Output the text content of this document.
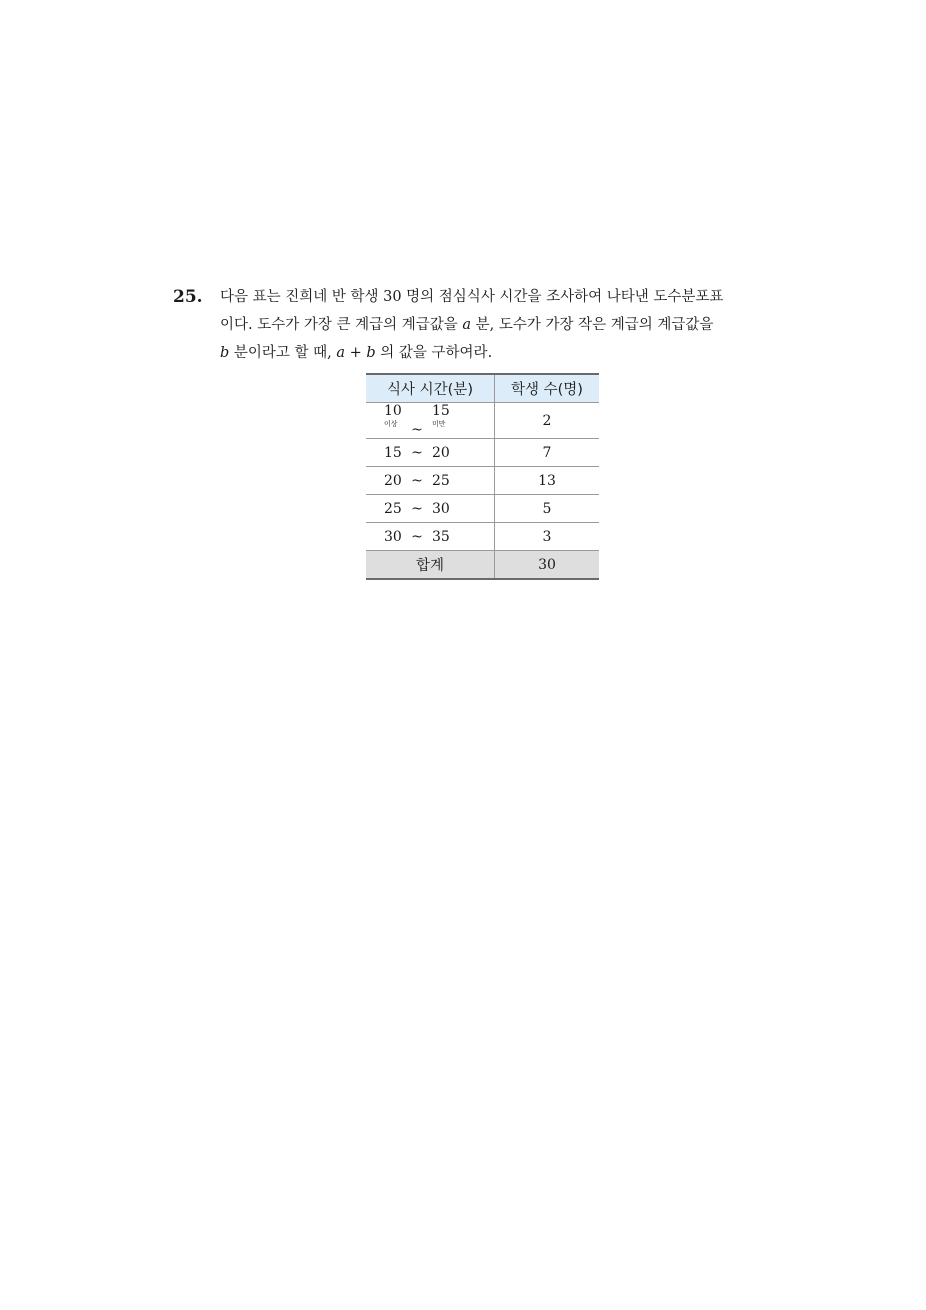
25. 다음 표는 진희네 반 학생 30 명의 점심식사 시간을 조사하여 나타낸 도수분포표
이다. 도수가 가장 큰 계급의 계급값을 a 분, 도수가 가장 작은 계급의 계급값을
b 분이라고 할 때, a + b 의 값을 구하여라.
식사 시간(분)	학생 수(명)
$10^{이상}$ $\sim 15^{미만}$	2
15 ~ 20	7
20 ~ 25	13
25 ~ 30	5
30 ~ 35	3
합계	30
